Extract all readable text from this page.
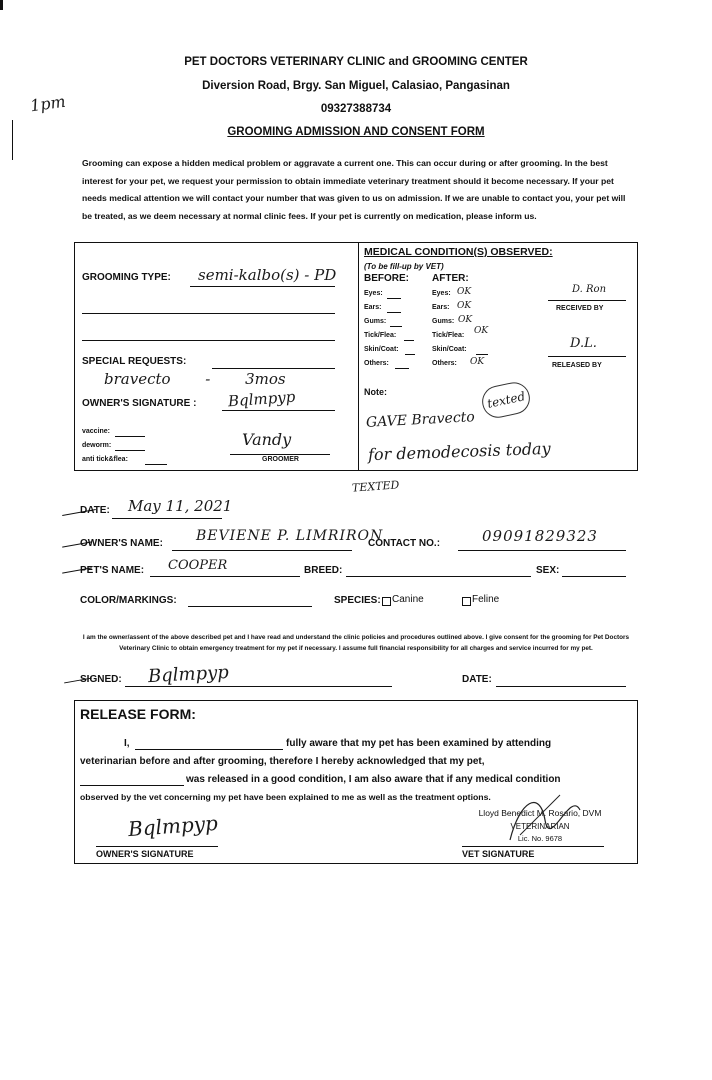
1pm
PET DOCTORS VETERINARY CLINIC and GROOMING CENTER
Diversion Road, Brgy. San Miguel, Calasiao, Pangasinan
09327388734
GROOMING ADMISSION AND CONSENT FORM
Grooming can expose a hidden medical problem or aggravate a current one. This can occur during or after grooming. In the best interest for your pet, we request your permission to obtain immediate veterinary treatment should it become necessary. If your pet needs medical attention we will contact your number that was given to us on admission. If we are unable to contact you, your pet will be treated, as we deem necessary at normal clinic fees. If your pet is currently on medication, please inform us.
GROOMING TYPE: semi-kalbo(s) - PD
SPECIAL REQUESTS:
bravecto - 3mos
OWNER'S SIGNATURE : Bqlmpyp
vaccine:
deworm:
anti tick&flea:
Vandy
GROOMER
MEDICAL CONDITION(S) OBSERVED:
(To be fill-up by VET)
BEFORE: AFTER:
Eyes:	Eyes: OK
Ears:	Ears: OK
Gums:	Gums: OK
Tick/Flea:	Tick/Flea: OK
Skin/Coat:	Skin/Coat:
Others:	Others: OK
D. Ron
RECEIVED BY
D.L.
RELEASED BY
Note:
GAVE Bravecto
texted
for demodecosis today
TEXTED
DATE: May 11, 2021
OWNER'S NAME: BEVIENE P. LIMRIRON
CONTACT NO.:	09091829323
PET'S NAME: COOPER	BREED:	SEX:
COLOR/MARKINGS:	SPECIES: Canine	Feline
I am the owner/assent of the above described pet and I have read and understand the clinic policies and procedures outlined above. I give consent for the grooming for Pet Doctors Veterinary Clinic to obtain emergency treatment for my pet if necessary. I assume full financial responsibility for all charges and service incurred for my pet.
SIGNED: Bqlmpyp	DATE:
RELEASE FORM:
I,	fully aware that my pet has been examined by attending
veterinarian before and after grooming, therefore I hereby acknowledged that my pet,
was released in a good condition, I am also aware that if any medical condition
observed by the vet concerning my pet have been explained to me as well as the treatment options.
Bqlmpyp
OWNER'S SIGNATURE
Lloyd Benedict M. Rosario, DVM
VETERINARIAN
Lic. No. 9678
VET SIGNATURE
